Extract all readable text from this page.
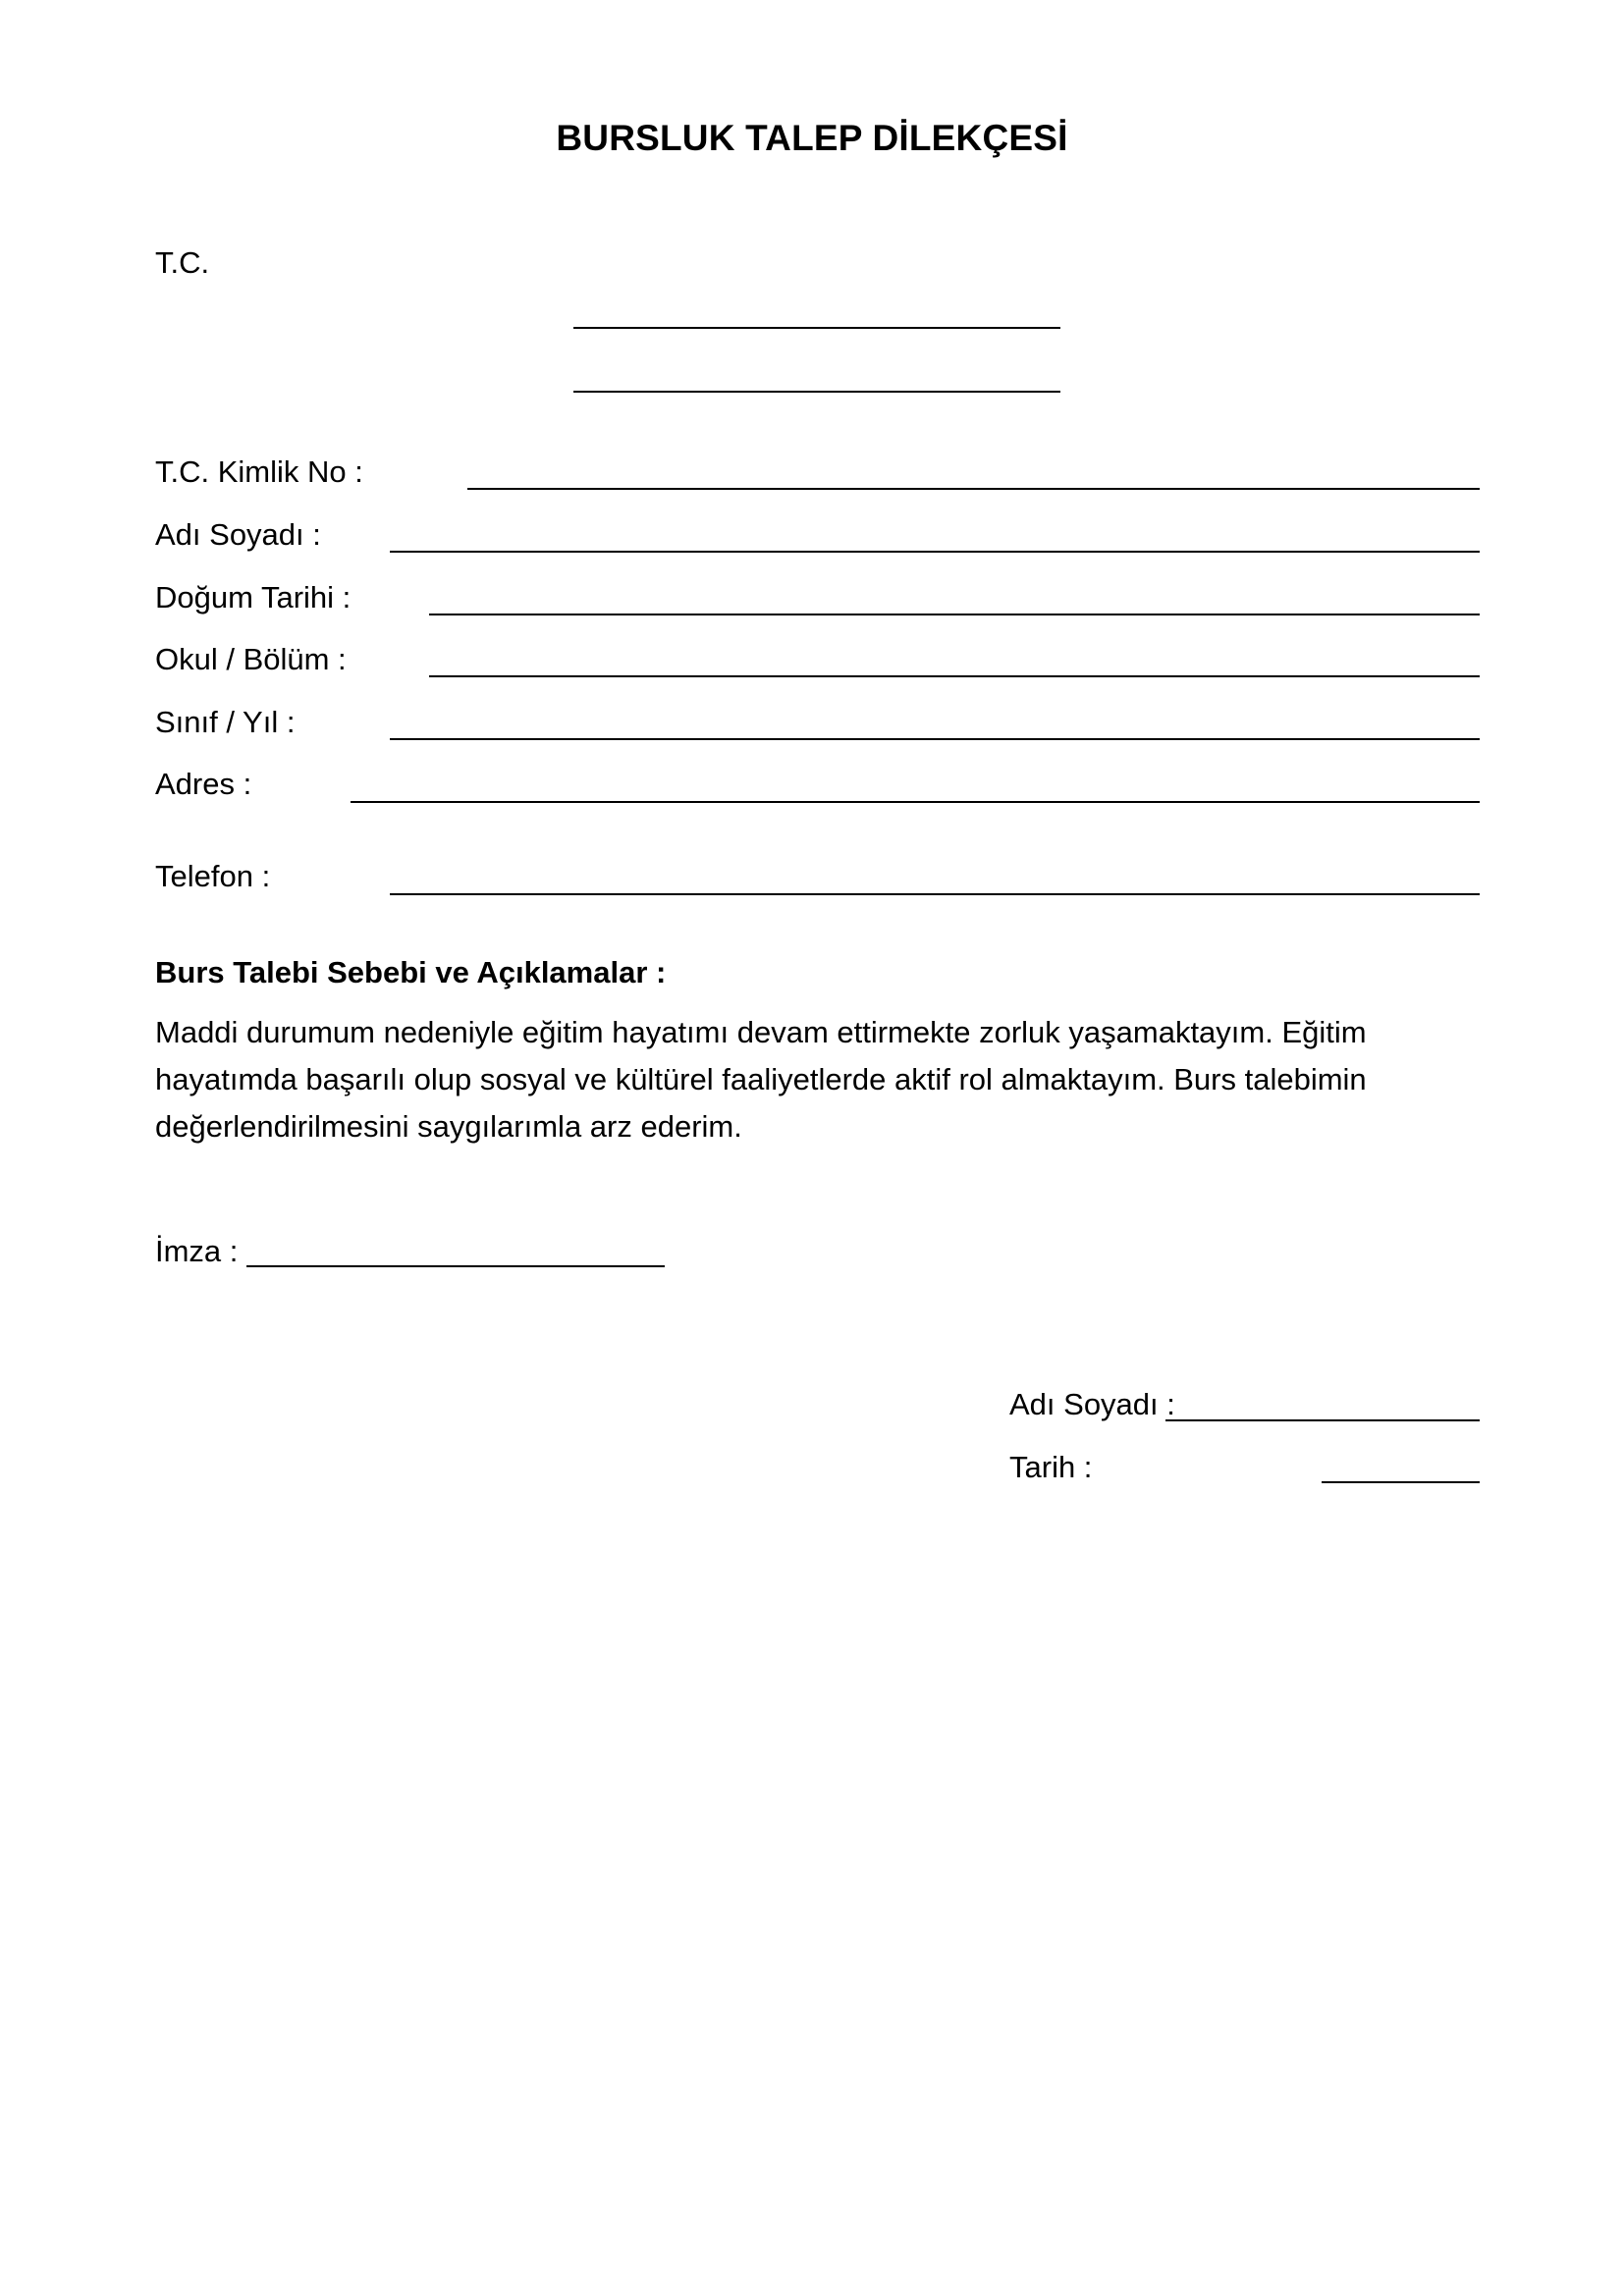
BURSLUK TALEP DİLEKÇESİ
T.C.
T.C. Kimlik No :
Adı Soyadı :
Doğum Tarihi :
Okul / Bölüm :
Sınıf / Yıl :
Adres :
Telefon :
Burs Talebi Sebebi ve Açıklamalar :
Maddi durumum nedeniyle eğitim hayatımı devam ettirmekte zorluk yaşamaktayım. Eğitim
hayatımda başarılı olup sosyal ve kültürel faaliyetlerde aktif rol almaktayım. Burs talebimin
değerlendirilmesini saygılarımla arz ederim.
İmza :
Adı Soyadı :
Tarih :
